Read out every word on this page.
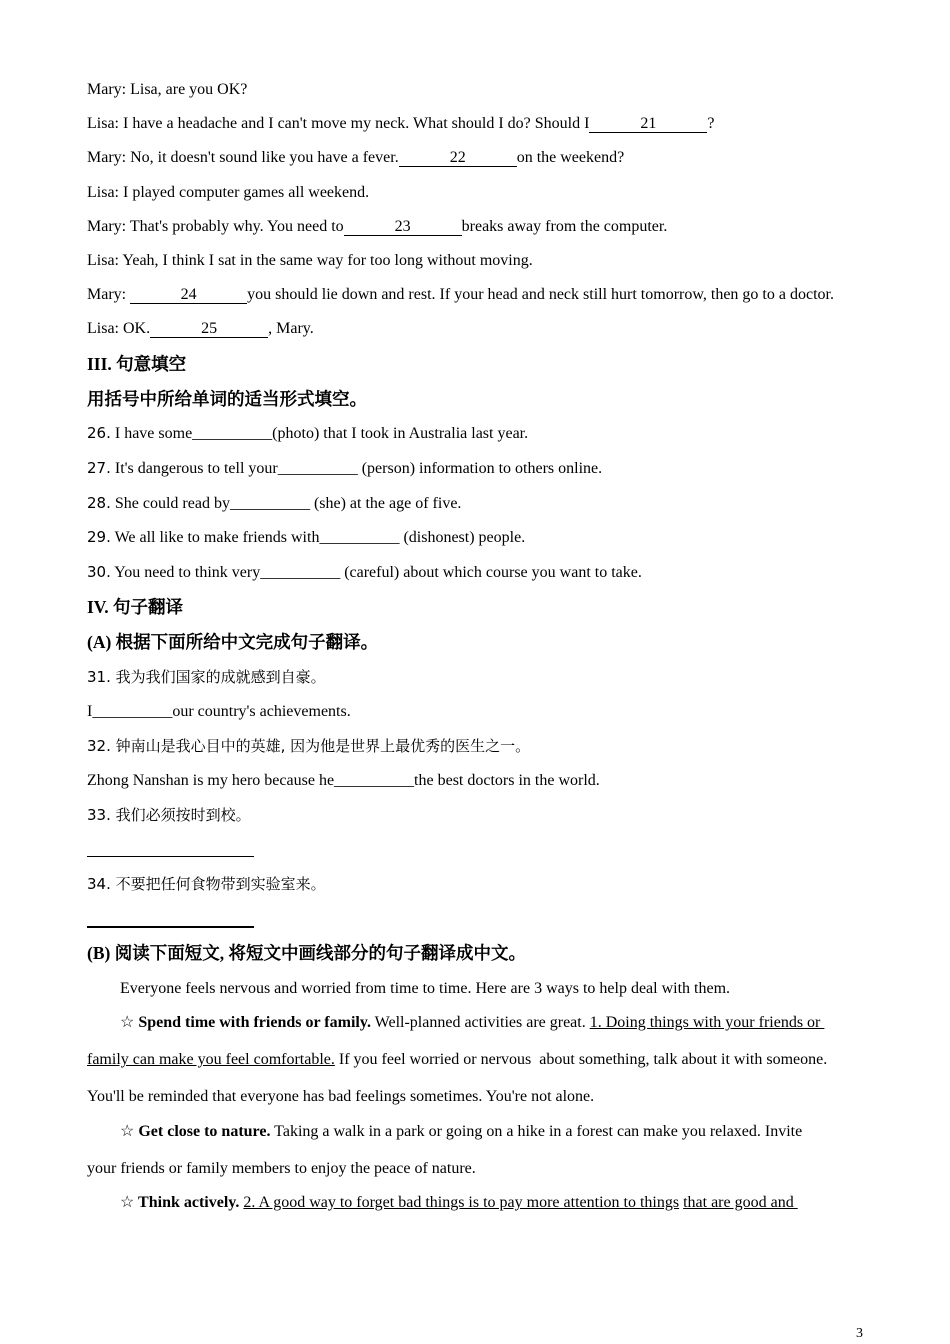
Mary: Lisa, are you OK?
Lisa: I have a headache and I can't move my neck. What should I do? Should I	21	?
Mary: No, it doesn't sound like you have a fever.	22	on the weekend?
Lisa: I played computer games all weekend.
Mary: That's probably why. You need to	23	breaks away from the computer.
Lisa: Yeah, I think I sat in the same way for too long without moving.
Mary:	24	you should lie down and rest. If your head and neck still hurt tomorrow, then go to a doctor.
Lisa: OK.	25	, Mary.
III. 句意填空
用括号中所给单词的适当形式填空。
26. I have some__________(photo) that I took in Australia last year.
27. It's dangerous to tell your__________ (person) information to others online.
28. She could read by__________ (she) at the age of five.
29. We all like to make friends with__________ (dishonest) people.
30. You need to think very__________ (careful) about which course you want to take.
IV. 句子翻译
(A) 根据下面所给中文完成句子翻译。
31. 我为我们国家的成就感到自豪。
I__________our country's achievements.
32. 钟南山是我心目中的英雄, 因为他是世界上最优秀的医生之一。
Zhong Nanshan is my hero because he__________the best doctors in the world.
33. 我们必须按时到校。
34. 不要把任何食物带到实验室来。
(B) 阅读下面短文, 将短文中画线部分的句子翻译成中文。
Everyone feels nervous and worried from time to time. Here are 3 ways to help deal with them.
☆ Spend time with friends or family. Well-planned activities are great. 1. Doing things with your friends or
family can make you feel comfortable. If you feel worried or nervous  about something, talk about it with someone.
You'll be reminded that everyone has bad feelings sometimes. You're not alone.
☆ Get close to nature. Taking a walk in a park or going on a hike in a forest can make you relaxed. Invite
your friends or family members to enjoy the peace of nature.
☆ Think actively. 2. A good way to forget bad things is to pay more attention to things that are good and
3
